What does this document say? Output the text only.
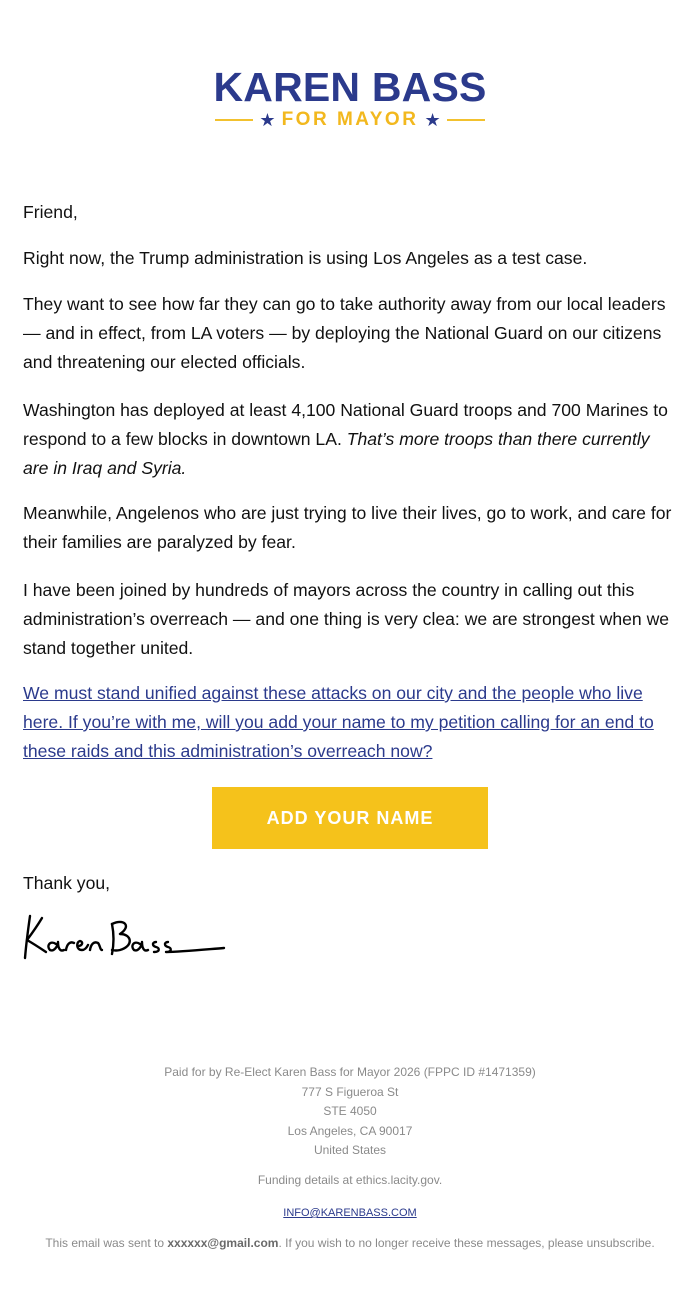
KAREN BASS
★ FOR MAYOR ★

Friend,

Right now, the Trump administration is using Los Angeles as a test case.

They want to see how far they can go to take authority away from our local leaders — and in effect, from LA voters — by deploying the National Guard on our citizens and threatening our elected officials.

Washington has deployed at least 4,100 National Guard troops and 700 Marines to respond to a few blocks in downtown LA. That’s more troops than there currently are in Iraq and Syria.

Meanwhile, Angelenos who are just trying to live their lives, go to work, and care for their families are paralyzed by fear.

I have been joined by hundreds of mayors across the country in calling out this administration’s overreach — and one thing is very clea: we are strongest when we stand together united.

We must stand unified against these attacks on our city and the people who live here. If you’re with me, will you add your name to my petition calling for an end to these raids and this administration’s overreach now?

ADD YOUR NAME

Thank you,

Paid for by Re-Elect Karen Bass for Mayor 2026 (FPPC ID #1471359)
777 S Figueroa St
STE 4050
Los Angeles, CA 90017
United States
Funding details at ethics.lacity.gov.
INFO@KARENBASS.COM
This email was sent to xxxxxx@gmail.com. If you wish to no longer receive these messages, please unsubscribe.
